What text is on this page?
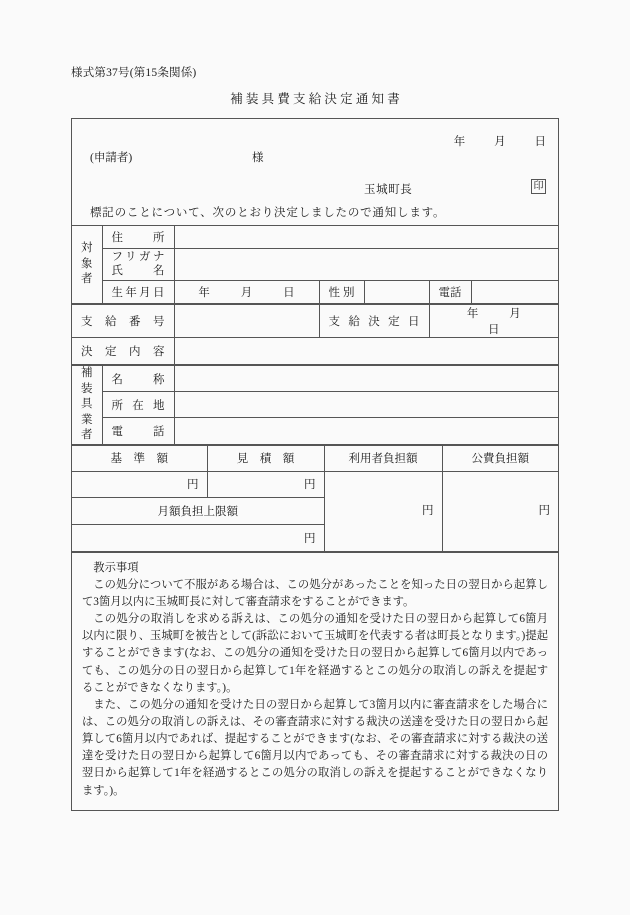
様式第37号(第15条関係)
補装具費支給決定通知書
年	月	日
(申請者)	様
玉城町長	印
標記のことについて、次のとおり決定しましたので通知します。
対
象
者	住　所					

	フリガナ
氏　名					

	生年月日	年 月 日	性別		電話	
支給番号		支給決定日	年 月 日
決定内容			
補
装
具
業
者	名　称	
	所在地	
	電　話	
基　準　額	見　積　額	利用者負担額	公費負担額
円	円	円	円
月額負担上限額			
円			
教示事項

この処分について不服がある場合は、この処分があったことを知った日の翌日から起算して3箇月以内に玉城町長に対して審査請求をすることができます。

この処分の取消しを求める訴えは、この処分の通知を受けた日の翌日から起算して6箇月以内に限り、玉城町を被告として(訴訟において玉城町を代表する者は町長となります。)提起することができます(なお、この処分の通知を受けた日の翌日から起算して6箇月以内であっても、この処分の日の翌日から起算して1年を経過するとこの処分の取消しの訴えを提起することができなくなります。)。

また、この処分の通知を受けた日の翌日から起算して3箇月以内に審査請求をした場合には、この処分の取消しの訴えは、その審査請求に対する裁決の送達を受けた日の翌日から起算して6箇月以内であれば、提起することができます(なお、その審査請求に対する裁決の送達を受けた日の翌日から起算して6箇月以内であっても、その審査請求に対する裁決の日の翌日から起算して1年を経過するとこの処分の取消しの訴えを提起することができなくなります。)。
